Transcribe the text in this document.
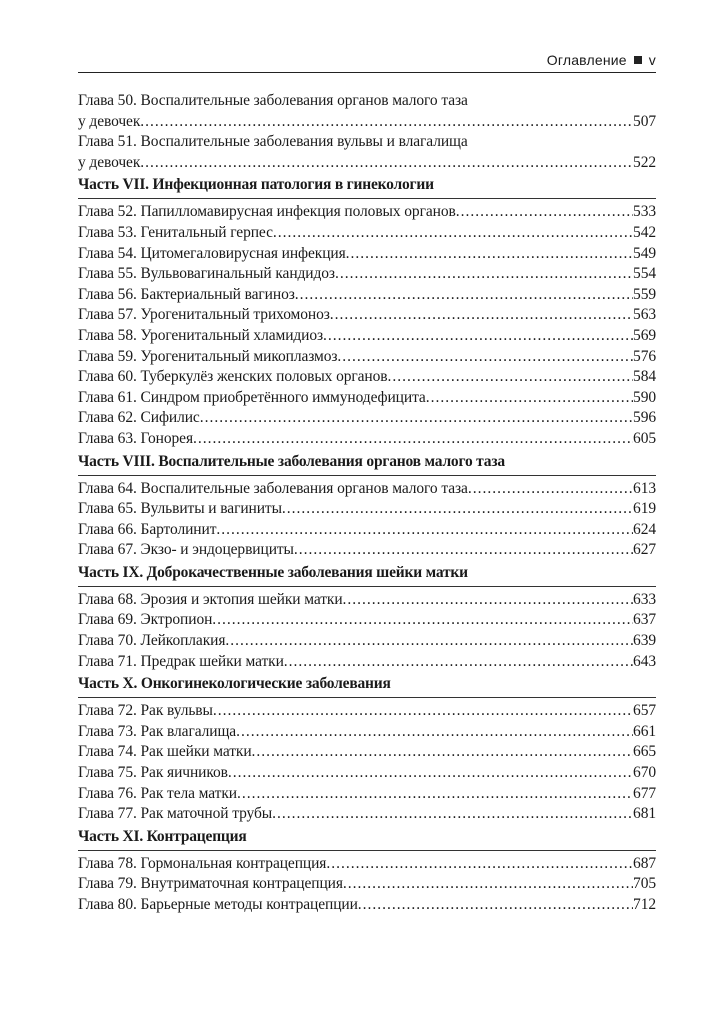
Оглавление v
Глава 50. Воспалительные заболевания органов малого таза
у девочек .....	507
Глава 51. Воспалительные заболевания вульвы и влагалища
у девочек .....	522
Часть VII. Инфекционная патология в гинекологии
Глава 52. Папилломавирусная инфекция половых органов .....	533
Глава 53. Генитальный герпес .....	542
Глава 54. Цитомегаловирусная инфекция .....	549
Глава 55. Вульвовагинальный кандидоз .....	554
Глава 56. Бактериальный вагиноз .....	559
Глава 57. Урогенитальный трихомоноз .....	563
Глава 58. Урогенитальный хламидиоз .....	569
Глава 59. Урогенитальный микоплазмоз .....	576
Глава 60. Туберкулёз женских половых органов .....	584
Глава 61. Синдром приобретённого иммунодефицита .....	590
Глава 62. Сифилис .....	596
Глава 63. Гонорея .....	605
Часть VIII. Воспалительные заболевания органов малого таза
Глава 64. Воспалительные заболевания органов малого таза .....	613
Глава 65. Вульвиты и вагиниты .....	619
Глава 66. Бартолинит .....	624
Глава 67. Экзо- и эндоцервициты .....	627
Часть IX. Доброкачественные заболевания шейки матки
Глава 68. Эрозия и эктопия шейки матки .....	633
Глава 69. Эктропион .....	637
Глава 70. Лейкоплакия .....	639
Глава 71. Предрак шейки матки .....	643
Часть X. Онкогинекологические заболевания
Глава 72. Рак вульвы .....	657
Глава 73. Рак влагалища .....	661
Глава 74. Рак шейки матки .....	665
Глава 75. Рак яичников .....	670
Глава 76. Рак тела матки .....	677
Глава 77. Рак маточной трубы .....	681
Часть XI. Контрацепция
Глава 78. Гормональная контрацепция .....	687
Глава 79. Внутриматочная контрацепция .....	705
Глава 80. Барьерные методы контрацепции .....	712
